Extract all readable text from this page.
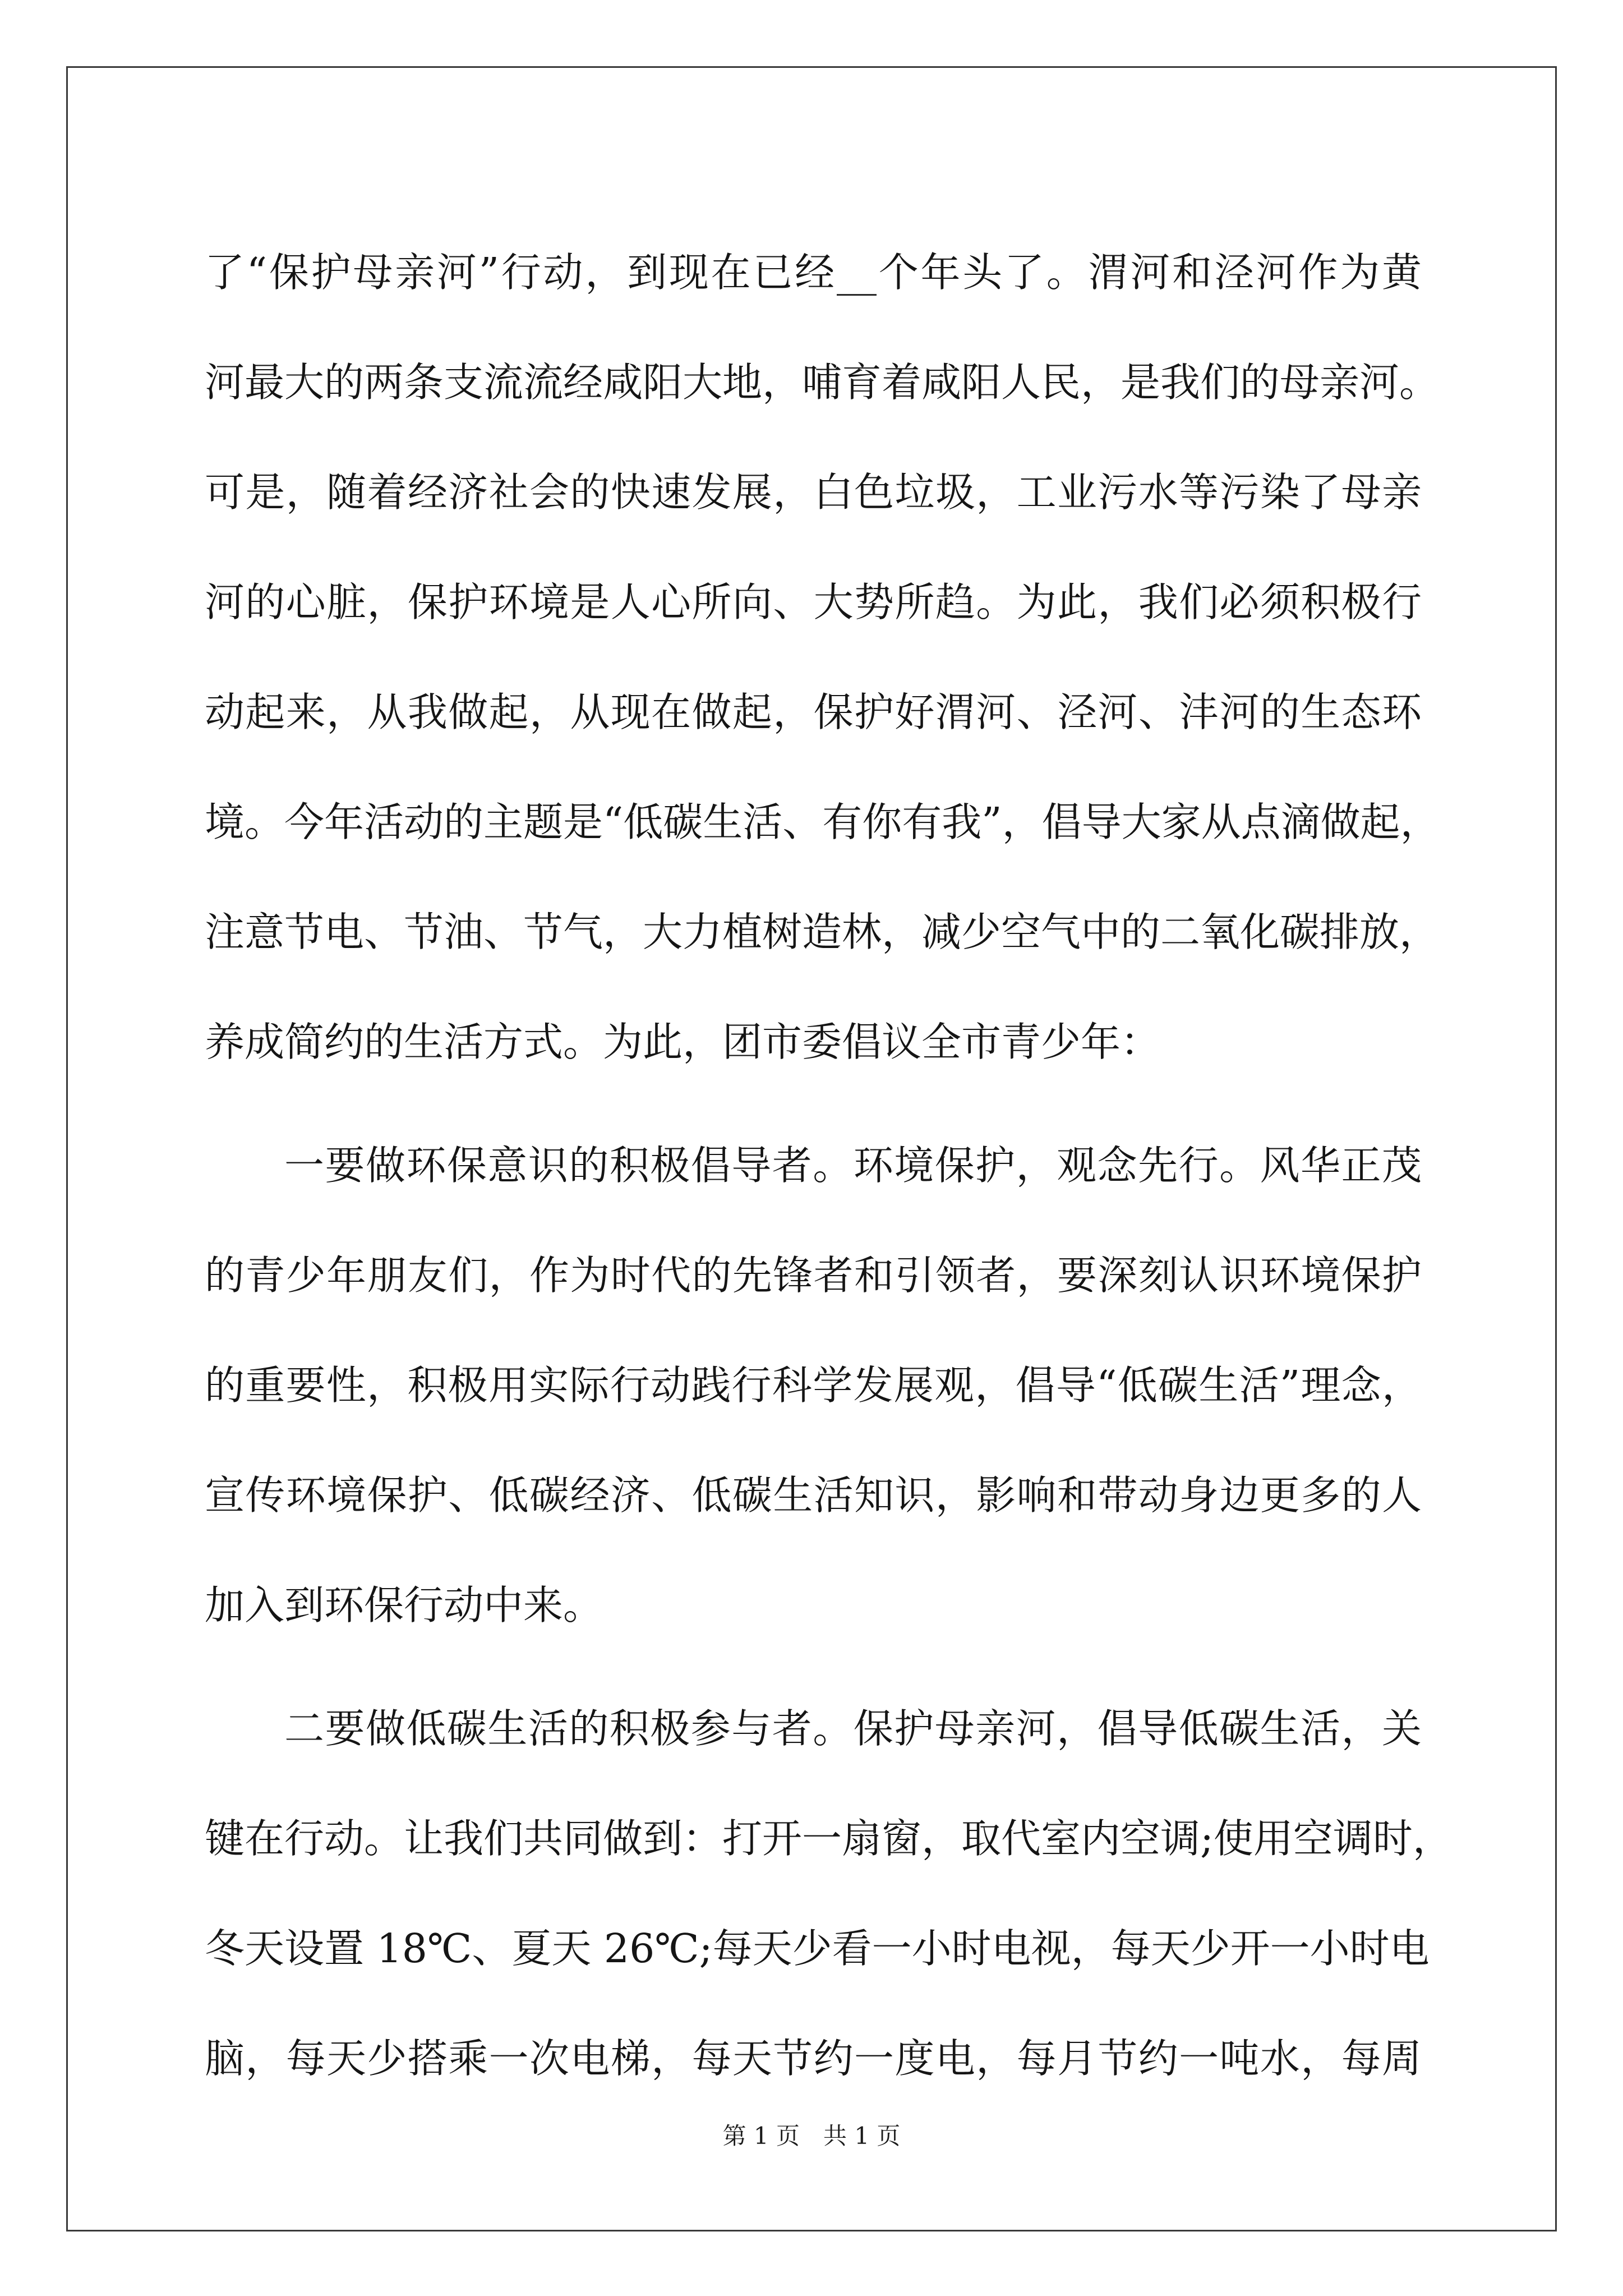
了“保护母亲河”行动，到现在已经__个年头了。渭河和泾河作为黄
河最大的两条支流流经咸阳大地，哺育着咸阳人民，是我们的母亲河。
可是，随着经济社会的快速发展，白色垃圾，工业污水等污染了母亲
河的心脏，保护环境是人心所向、大势所趋。为此，我们必须积极行
动起来，从我做起，从现在做起，保护好渭河、泾河、沣河的生态环
境。今年活动的主题是“低碳生活、有你有我”，倡导大家从点滴做起，
注意节电、节油、节气，大力植树造林，减少空气中的二氧化碳排放，
养成简约的生活方式。为此，团市委倡议全市青少年：
一要做环保意识的积极倡导者。环境保护，观念先行。风华正茂
的青少年朋友们，作为时代的先锋者和引领者，要深刻认识环境保护
的重要性，积极用实际行动践行科学发展观，倡导“低碳生活”理念，
宣传环境保护、低碳经济、低碳生活知识，影响和带动身边更多的人
加入到环保行动中来。
二要做低碳生活的积极参与者。保护母亲河，倡导低碳生活，关
键在行动。让我们共同做到：打开一扇窗，取代室内空调;使用空调时，
冬天设置 18℃、夏天 26℃;每天少看一小时电视，每天少开一小时电
脑，每天少搭乘一次电梯，每天节约一度电，每月节约一吨水，每周
第 1 页　共 1 页
